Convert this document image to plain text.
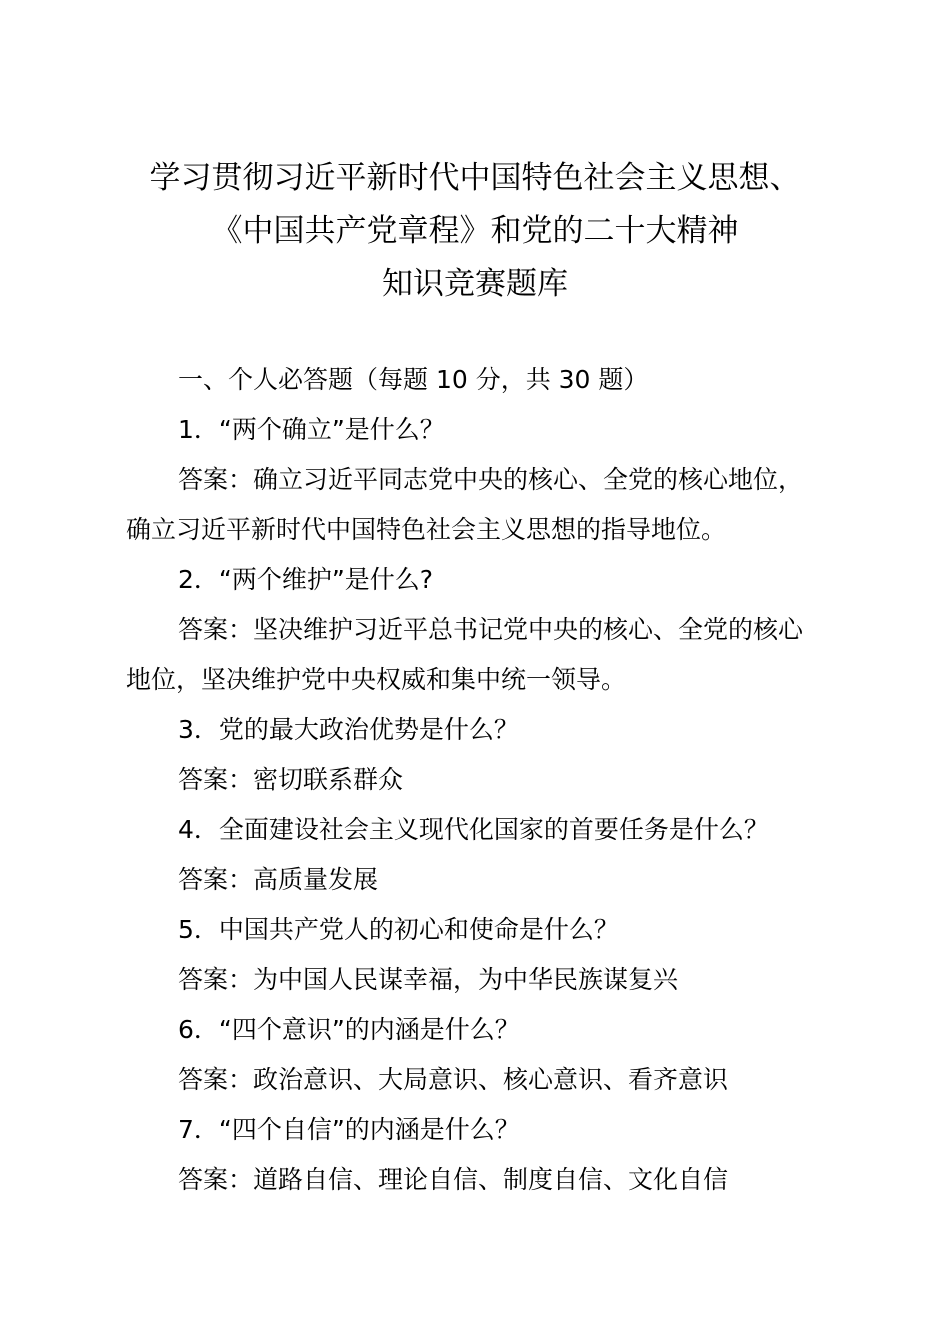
学习贯彻习近平新时代中国特色社会主义思想、
《中国共产党章程》和党的二十大精神
知识竞赛题库
一、个人必答题（每题 10 分，共 30 题）
1．“两个确立”是什么？
答案：确立习近平同志党中央的核心、全党的核心地位，
确立习近平新时代中国特色社会主义思想的指导地位。
2．“两个维护”是什么?
答案：坚决维护习近平总书记党中央的核心、全党的核心
地位，坚决维护党中央权威和集中统一领导。
3．党的最大政治优势是什么？
答案：密切联系群众
4．全面建设社会主义现代化国家的首要任务是什么？
答案：高质量发展
5．中国共产党人的初心和使命是什么？
答案：为中国人民谋幸福，为中华民族谋复兴
6．“四个意识”的内涵是什么？
答案：政治意识、大局意识、核心意识、看齐意识
7．“四个自信”的内涵是什么？
答案：道路自信、理论自信、制度自信、文化自信
